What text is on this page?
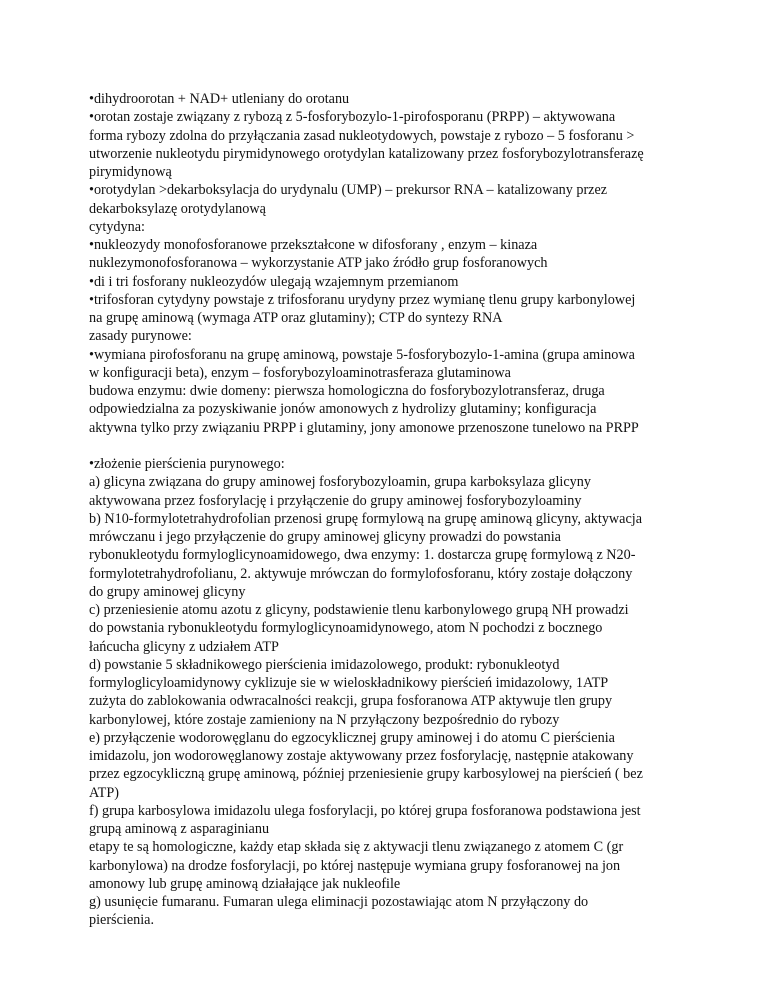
•dihydroorotan + NAD+ utleniany do orotanu
•orotan zostaje związany z rybozą z 5-fosforybozylo-1-pirofosporanu (PRPP) – aktywowana
forma rybozy zdolna do przyłączania zasad nukleotydowych, powstaje z rybozo – 5 fosforanu >
utworzenie nukleotydu pirymidynowego orotydylan katalizowany przez fosforybozylotransferazę
pirymidynową
•orotydylan >dekarboksylacja do urydynalu (UMP) – prekursor RNA – katalizowany przez
dekarboksylazę orotydylanową
cytydyna:
•nukleozydy monofosforanowe przekształcone w difosforany , enzym – kinaza
nuklezymonofosforanowa – wykorzystanie ATP jako źródło grup fosforanowych
•di i tri fosforany nukleozydów ulegają wzajemnym przemianom
•trifosforan cytydyny powstaje z trifosforanu urydyny przez wymianę tlenu grupy karbonylowej
na grupę aminową (wymaga ATP oraz glutaminy); CTP do syntezy RNA
zasady purynowe:
•wymiana pirofosforanu na grupę aminową, powstaje 5-fosforybozylo-1-amina (grupa aminowa
w konfiguracji beta), enzym – fosforybozyloaminotrasferaza glutaminowa
budowa enzymu: dwie domeny: pierwsza homologiczna do fosforybozylotransferaz, druga
odpowiedzialna za pozyskiwanie jonów amonowych z hydrolizy glutaminy; konfiguracja
aktywna tylko przy związaniu PRPP i glutaminy, jony amonowe przenoszone tunelowo na PRPP
•złożenie pierścienia purynowego:
a) glicyna związana do grupy aminowej fosforybozyloamin, grupa karboksylaza glicyny
aktywowana przez fosforylację i przyłączenie do grupy aminowej fosforybozyloaminy
b) N10-formylotetrahydrofolian przenosi grupę formylową na grupę aminową glicyny, aktywacja
mrówczanu i jego przyłączenie do grupy aminowej glicyny prowadzi do powstania
rybonukleotydu formyloglicynoamidowego, dwa enzymy: 1. dostarcza grupę formylową z N20-
formylotetrahydrofolianu, 2. aktywuje mrówczan do formylofosforanu, który zostaje dołączony
do grupy aminowej glicyny
c) przeniesienie atomu azotu z glicyny, podstawienie tlenu karbonylowego grupą NH prowadzi
do powstania rybonukleotydu formyloglicynoamidynowego, atom N pochodzi z bocznego
łańcucha glicyny z udziałem ATP
d) powstanie 5 składnikowego pierścienia imidazolowego, produkt: rybonukleotyd
formyloglicyloamidynowy cyklizuje sie w wieloskładnikowy pierścień imidazolowy, 1ATP
zużyta do zablokowania odwracalności reakcji, grupa fosforanowa ATP aktywuje tlen grupy
karbonylowej, które zostaje zamieniony na N przyłączony bezpośrednio do rybozy
e) przyłączenie wodorowęglanu do egzocyklicznej grupy aminowej i do atomu C pierścienia
imidazolu, jon wodorowęglanowy zostaje aktywowany przez fosforylację, następnie atakowany
przez egzocykliczną grupę aminową, później przeniesienie grupy karbosylowej na pierścień ( bez
ATP)
f) grupa karbosylowa imidazolu ulega fosforylacji, po której grupa fosforanowa podstawiona jest
grupą aminową z asparaginianu
etapy te są homologiczne, każdy etap składa się z aktywacji tlenu związanego z atomem C (gr
karbonylowa) na drodze fosforylacji, po której następuje wymiana grupy fosforanowej na jon
amonowy lub grupę aminową działające jak nukleofile
g) usunięcie fumaranu. Fumaran ulega eliminacji pozostawiając atom N przyłączony do
pierścienia.
